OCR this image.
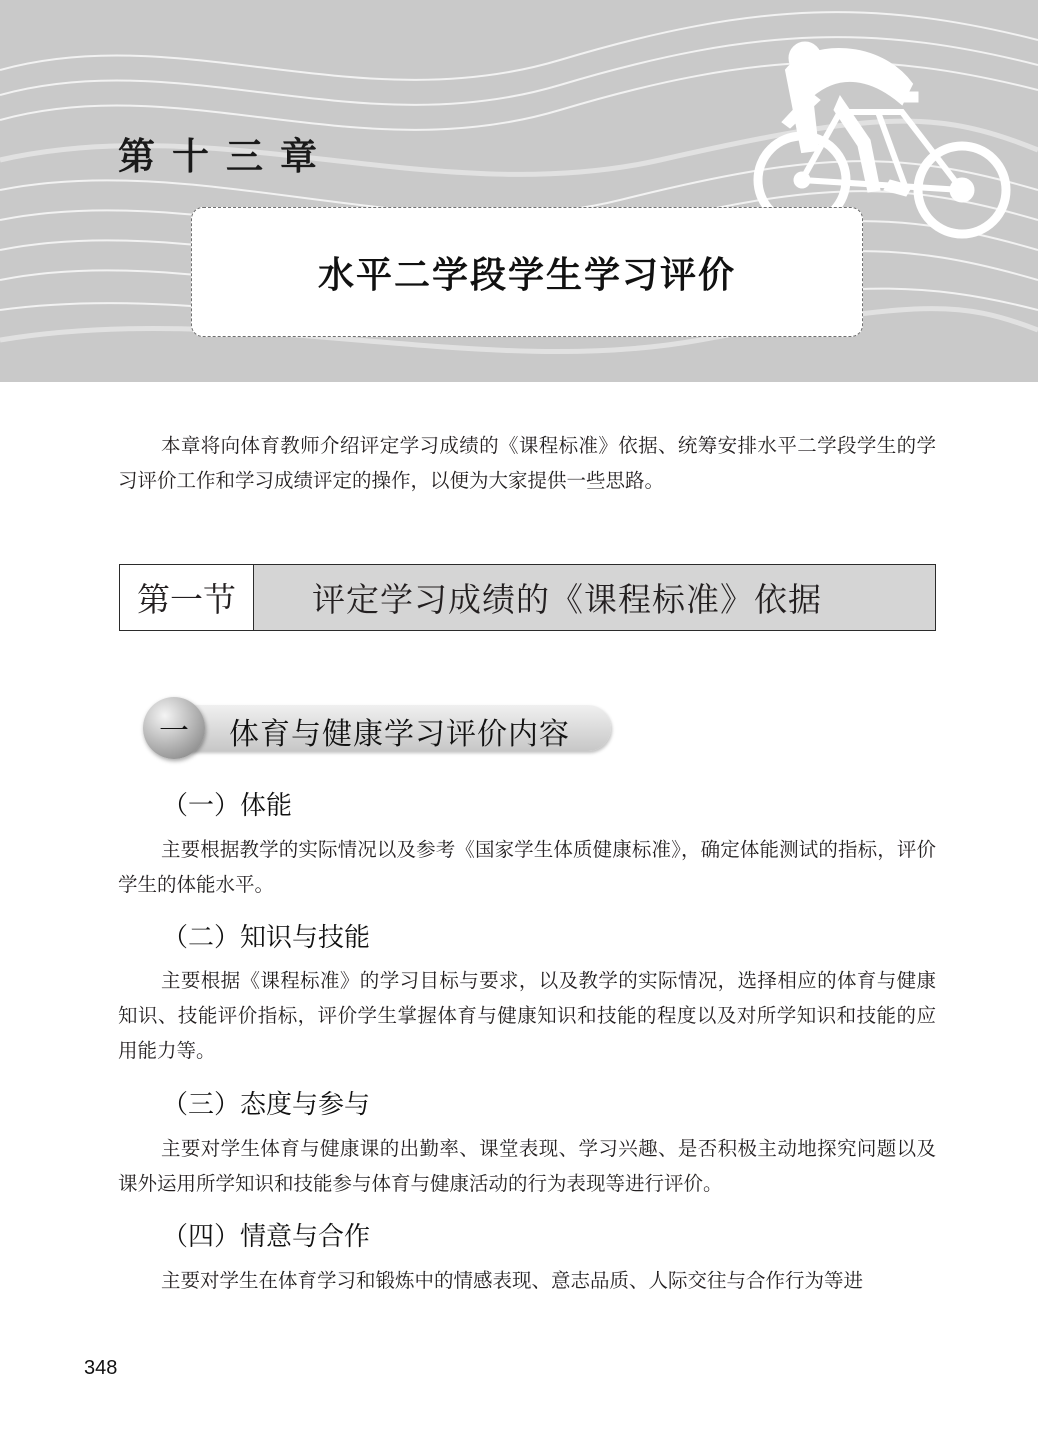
第十三章
水平二学段学生学习评价

本章将向体育教师介绍评定学习成绩的《课程标准》依据、统筹安排水平二学段学生的学习评价工作和学习成绩评定的操作，以便为大家提供一些思路。

第一节	评定学习成绩的《课程标准》依据
一	体育与健康学习评价内容
（一）体能

主要根据教学的实际情况以及参考《国家学生体质健康标准》，确定体能测试的指标，评价学生的体能水平。

（二）知识与技能

主要根据《课程标准》的学习目标与要求，以及教学的实际情况，选择相应的体育与健康知识、技能评价指标，评价学生掌握体育与健康知识和技能的程度以及对所学知识和技能的应用能力等。

（三）态度与参与

主要对学生体育与健康课的出勤率、课堂表现、学习兴趣、是否积极主动地探究问题以及课外运用所学知识和技能参与体育与健康活动的行为表现等进行评价。

（四）情意与合作

主要对学生在体育学习和锻炼中的情感表现、意志品质、人际交往与合作行为等进

348
